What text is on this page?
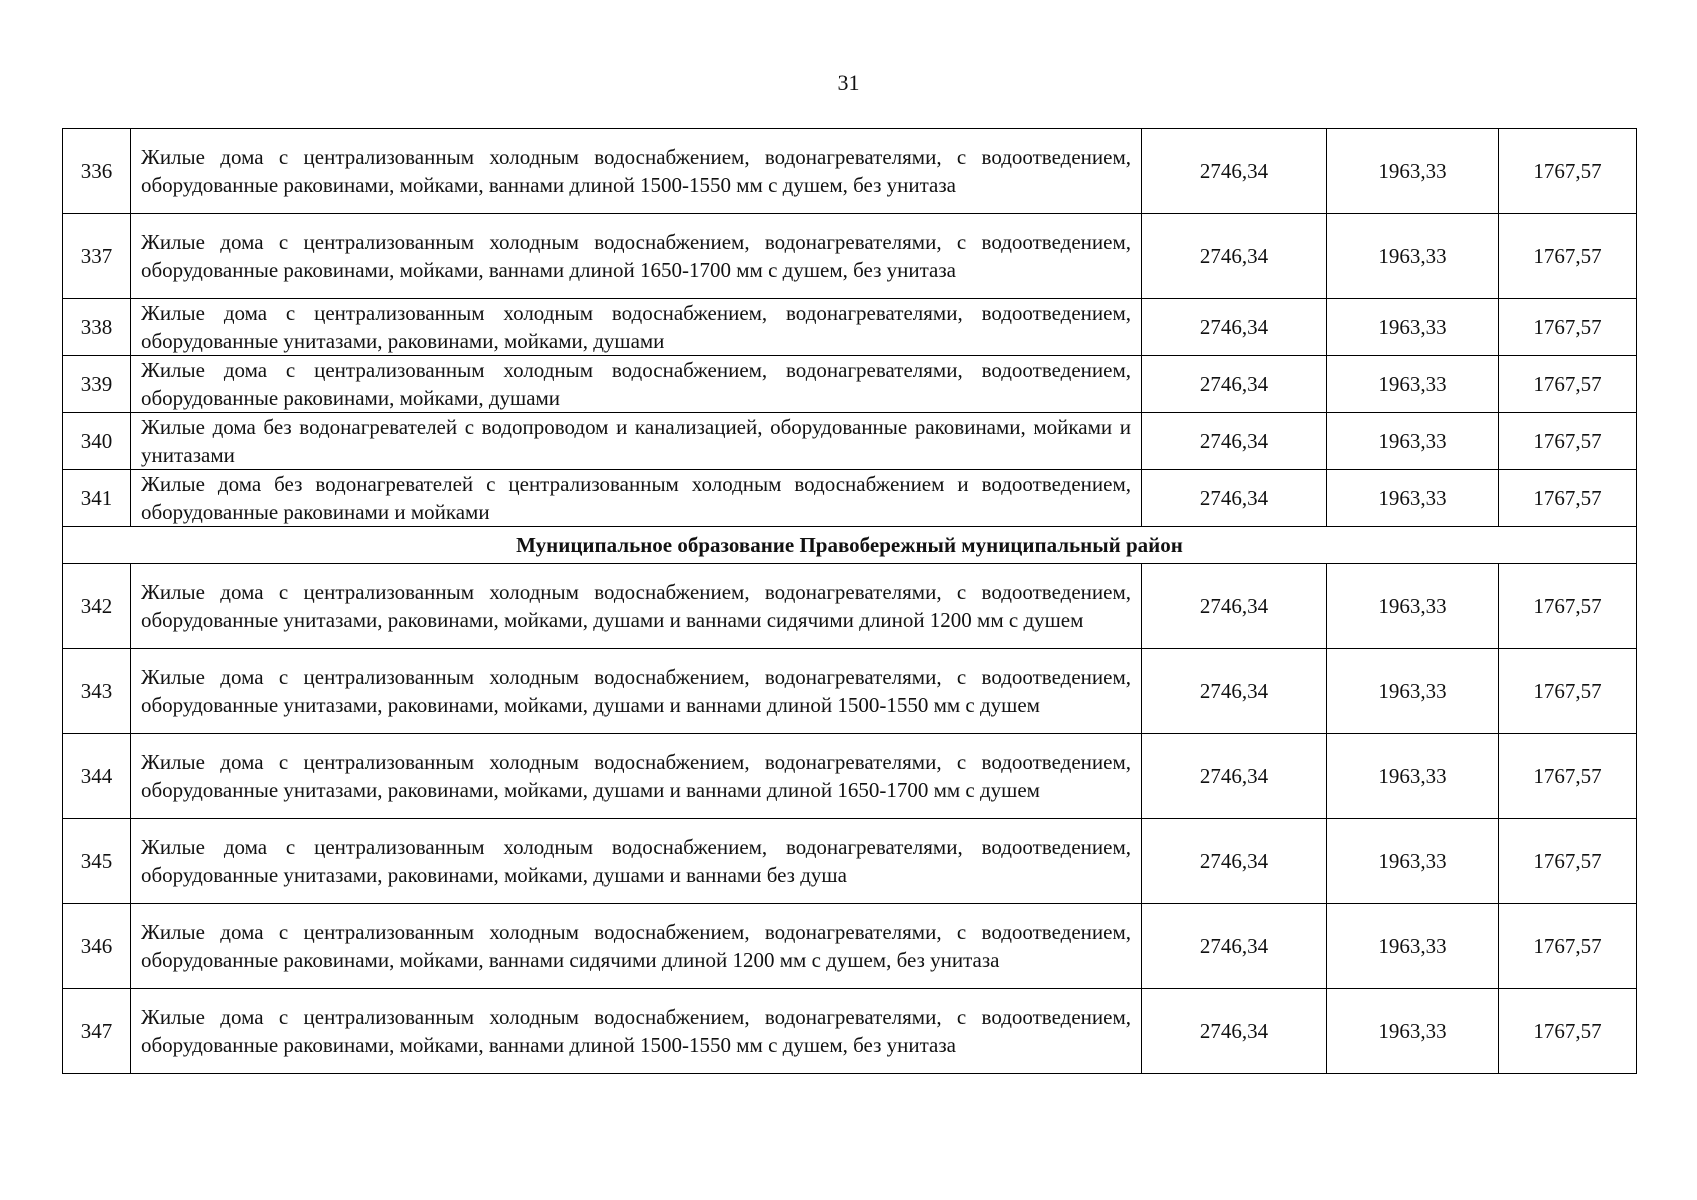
31
336	Жилые дома с централизованным холодным водоснабжением, водонагревателями, с водоотведением, оборудованные раковинами, мойками, ваннами длиной 1500-1550 мм с душем, без унитаза	2746,34	1963,33	1767,57
337	Жилые дома с централизованным холодным водоснабжением, водонагревателями, с водоотведением, оборудованные раковинами, мойками, ваннами длиной 1650-1700 мм с душем, без унитаза	2746,34	1963,33	1767,57
338	Жилые дома с централизованным холодным водоснабжением, водонагревателями, водоотведением, оборудованные унитазами, раковинами, мойками, душами	2746,34	1963,33	1767,57
339	Жилые дома с централизованным холодным водоснабжением, водонагревателями, водоотведением, оборудованные раковинами, мойками, душами	2746,34	1963,33	1767,57
340	Жилые дома без водонагревателей с водопроводом и канализацией, оборудованные раковинами, мойками и унитазами	2746,34	1963,33	1767,57
341	Жилые дома без водонагревателей с централизованным холодным водоснабжением и водоотведением, оборудованные раковинами и мойками	2746,34	1963,33	1767,57
Муниципальное образование Правобережный муниципальный район				
342	Жилые дома с централизованным холодным водоснабжением, водонагревателями, с водоотведением, оборудованные унитазами, раковинами, мойками, душами и ваннами сидячими длиной 1200 мм с душем	2746,34	1963,33	1767,57
343	Жилые дома с централизованным холодным водоснабжением, водонагревателями, с водоотведением, оборудованные унитазами, раковинами, мойками, душами и ваннами длиной 1500-1550 мм с душем	2746,34	1963,33	1767,57
344	Жилые дома с централизованным холодным водоснабжением, водонагревателями, с водоотведением, оборудованные унитазами, раковинами, мойками, душами и ваннами длиной 1650-1700 мм с душем	2746,34	1963,33	1767,57
345	Жилые дома с централизованным холодным водоснабжением, водонагревателями, водоотведением, оборудованные унитазами, раковинами, мойками, душами и ваннами без душа	2746,34	1963,33	1767,57
346	Жилые дома с централизованным холодным водоснабжением, водонагревателями, с водоотведением, оборудованные раковинами, мойками, ваннами сидячими длиной 1200 мм с душем, без унитаза	2746,34	1963,33	1767,57
347	Жилые дома с централизованным холодным водоснабжением, водонагревателями, с водоотведением, оборудованные раковинами, мойками, ваннами длиной 1500-1550 мм с душем, без унитаза	2746,34	1963,33	1767,57
